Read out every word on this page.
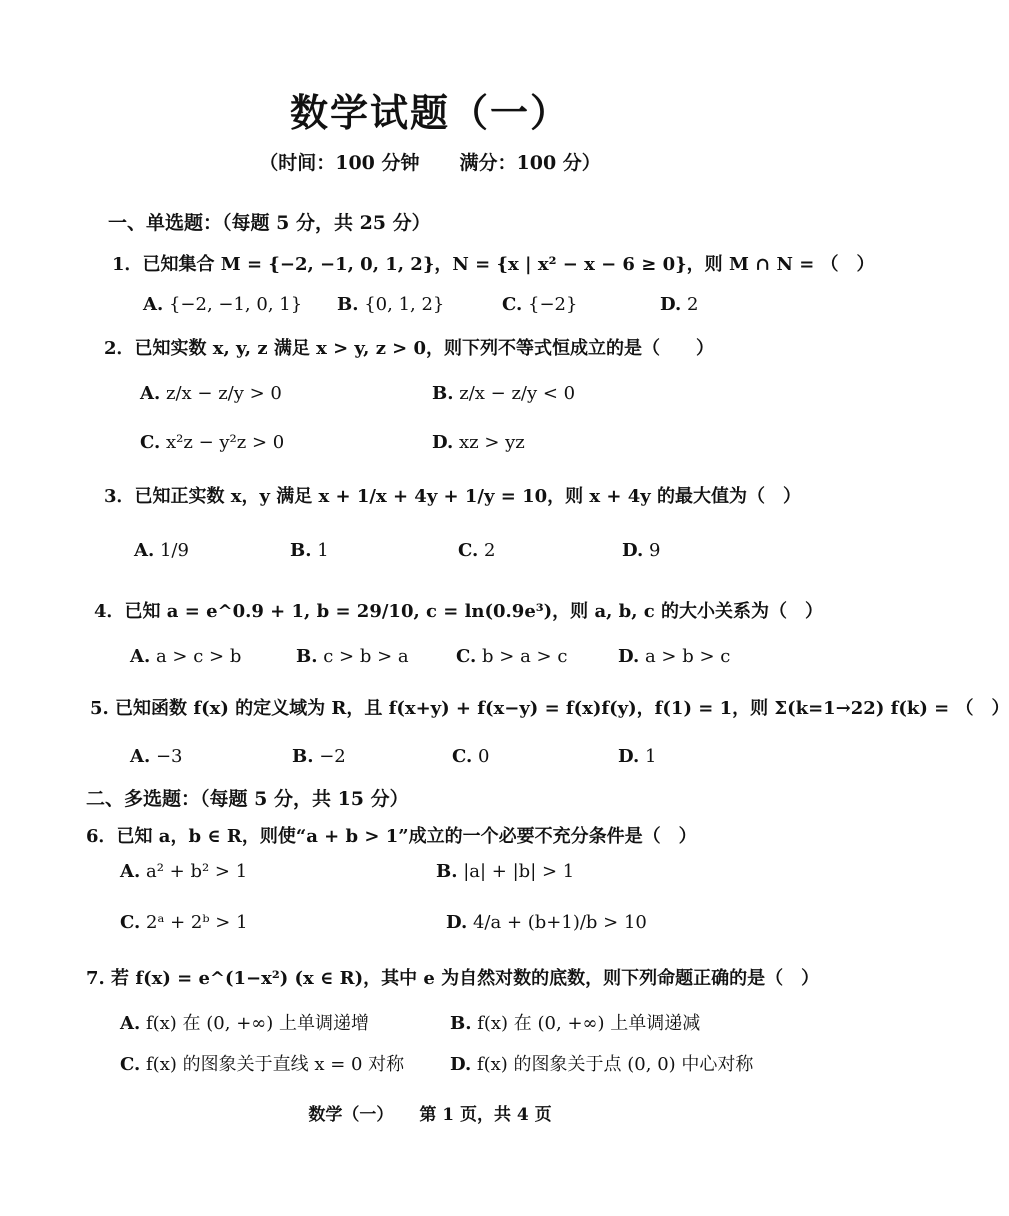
数学试题（一）
（时间：100 分钟 满分：100 分）
一、单选题：（每题 5 分，共 25 分）
1．已知集合 M = {−2, −1, 0, 1, 2}，N = {x | x² − x − 6 ≥ 0}，则 M ∩ N = （　）
A. {−2, −1, 0, 1} B. {0, 1, 2}	C. {−2}	D. 2
2．已知实数 x, y, z 满足 x > y, z > 0，则下列不等式恒成立的是（　　）
A. z/x − z/y > 0	B. z/x − z/y < 0
C. x²z − y²z > 0	D. xz > yz
3．已知正实数 x，y 满足 x + 1/x + 4y + 1/y = 10，则 x + 4y 的最大值为（　）
A. 1/9	B. 1	C. 2	D. 9
4．已知 a = e^0.9 + 1, b = 29/10, c = ln(0.9e³)，则 a, b, c 的大小关系为（　）
A. a > c > b	B. c > b > a	C. b > a > c	D. a > b > c
5. 已知函数 f(x) 的定义域为 R，且 f(x+y) + f(x−y) = f(x)f(y)，f(1) = 1，则 Σ(k=1→22) f(k) = （　）
A. −3	B. −2	C. 0	D. 1
二、多选题：（每题 5 分，共 15 分）
6．已知 a，b ∈ R，则使“a + b > 1”成立的一个必要不充分条件是（　）
A. a² + b² > 1	B. |a| + |b| > 1
C. 2ᵃ + 2ᵇ > 1	D. 4/a + (b+1)/b > 10
7. 若 f(x) = e^(1−x²) (x ∈ R)，其中 e 为自然对数的底数，则下列命题正确的是（　）
A. f(x) 在 (0, +∞) 上单调递增	B. f(x) 在 (0, +∞) 上单调递减
C. f(x) 的图象关于直线 x = 0 对称	D. f(x) 的图象关于点 (0, 0) 中心对称
数学（一） 第 1 页，共 4 页
